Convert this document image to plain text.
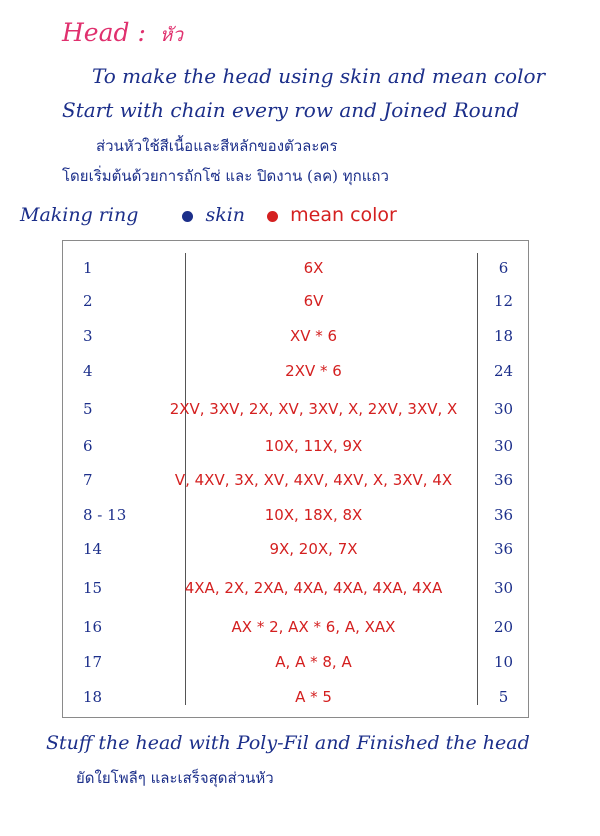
Head : หัว
To make the head using skin and mean color
Start with chain every row and Joined Round
ส่วนหัวใช้สีเนื้อและสีหลักของตัวละคร
โดยเริ่มต้นด้วยการถักโซ่ และ ปิดงาน (ลค) ทุกแถว
Making ring	skin mean color
1	6X	6
2	6V	12
3	XV * 6	18
4	2XV * 6	24
5	2XV, 3XV, 2X, XV, 3XV, X, 2XV, 3XV, X	30
6	10X, 11X, 9X	30
7	V, 4XV, 3X, XV, 4XV, 4XV, X, 3XV, 4X	36
8 - 13	10X, 18X, 8X	36
14	9X, 20X, 7X	36
15	4XA, 2X, 2XA, 4XA, 4XA, 4XA, 4XA	30
16	AX * 2, AX * 6, A, XAX	20
17	A, A * 8, A	10
18	A * 5	5
Stuff the head with Poly-Fil and Finished the head
ยัดใยโพลีๆ และเสร็จสุดส่วนหัว
